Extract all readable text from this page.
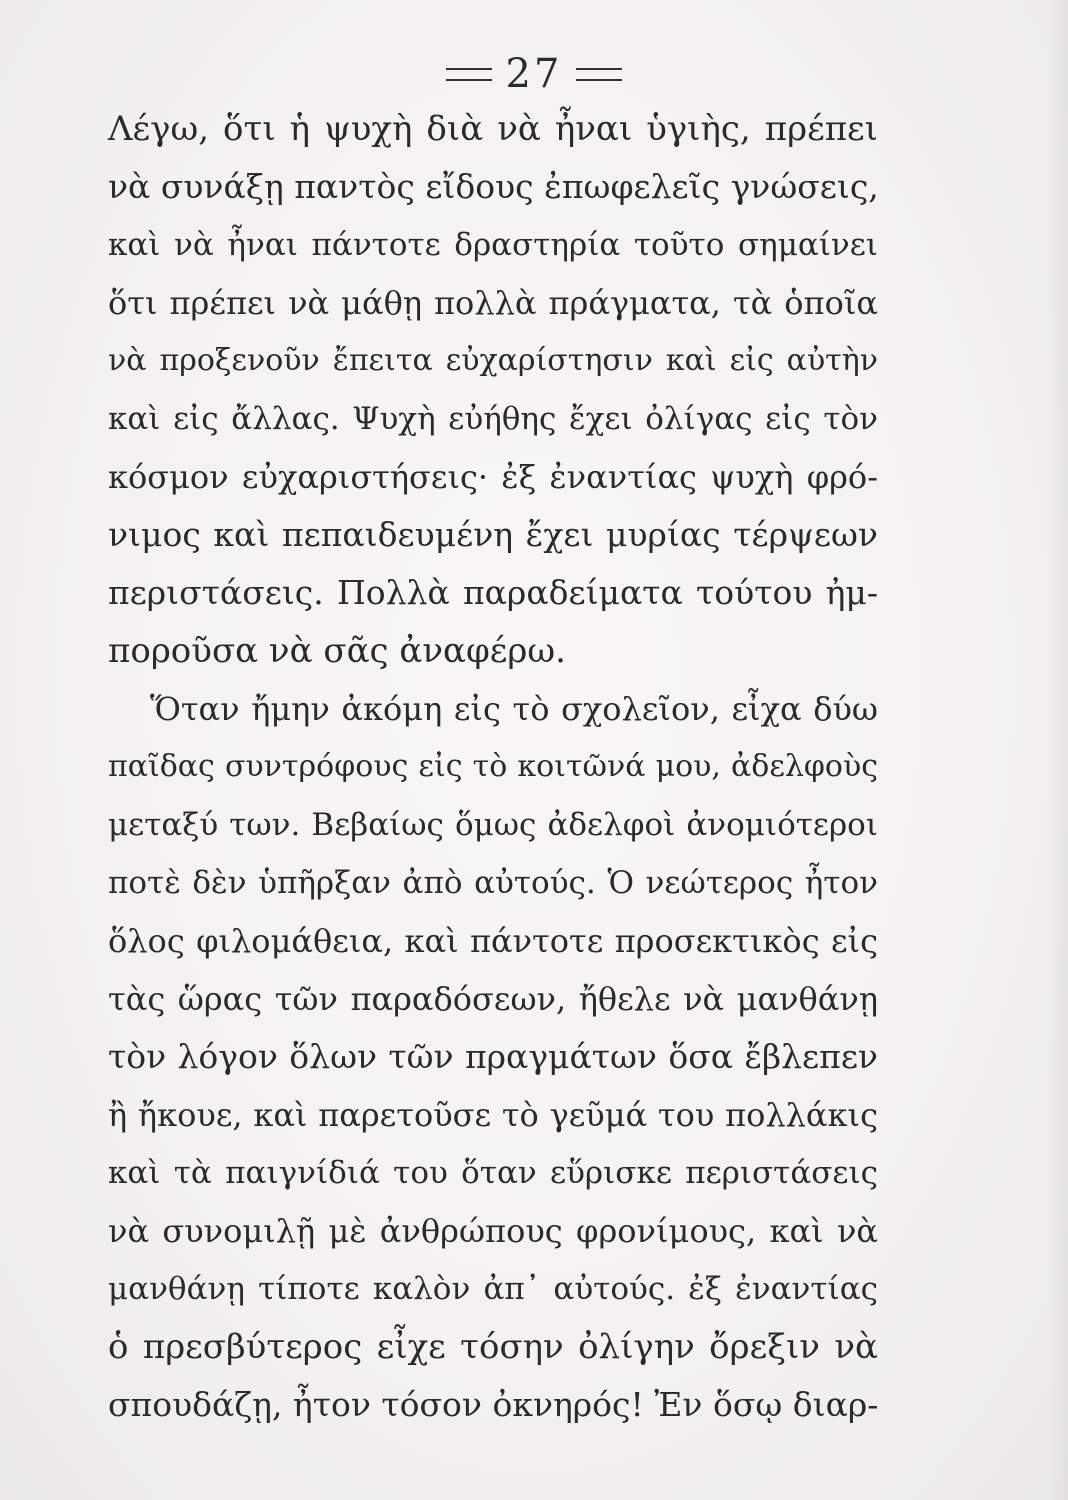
27
Λέγω, ὅτι ἡ ψυχὴ διὰ νὰ ἦναι ὑγιὴς, πρέπει
νὰ συνάξῃ παντὸς εἴδους ἐπωφελεῖς γνώσεις,
καὶ νὰ ἦναι πάντοτε δραστηρία τοῦτο σημαίνει
ὅτι πρέπει νὰ μάθῃ πολλὰ πράγματα, τὰ ὁποῖα
νὰ προξενοῦν ἔπειτα εὐχαρίστησιν καὶ εἰς αὐτὴν
καὶ εἰς ἄλλας. Ψυχὴ εὐήθης ἔχει ὀλίγας εἰς τὸν
κόσμον εὐχαριστήσεις· ἐξ ἐναντίας ψυχὴ φρό-
νιμος καὶ πεπαιδευμένη ἔχει μυρίας τέρψεων
περιστάσεις. Πολλὰ παραδείματα τούτου ἠμ-
ποροῦσα νὰ σᾶς ἀναφέρω.
Ὅταν ἤμην ἀκόμη εἰς τὸ σχολεῖον, εἶχα δύω
παῖδας συντρόφους εἰς τὸ κοιτῶνά μου, ἀδελφοὺς
μεταξύ των. Βεβαίως ὅμως ἀδελφοὶ ἀνομιότεροι
ποτὲ δὲν ὑπῆρξαν ἀπὸ αὐτούς. Ὁ νεώτερος ἦτον
ὅλος φιλομάθεια, καὶ πάντοτε προσεκτικὸς εἰς
τὰς ὥρας τῶν παραδόσεων, ἤθελε νὰ μανθάνῃ
τὸν λόγον ὅλων τῶν πραγμάτων ὅσα ἔβλεπεν
ἢ ἤκουε, καὶ παρετοῦσε τὸ γεῦμά του πολλάκις
καὶ τὰ παιγνίδιά του ὅταν εὕρισκε περιστάσεις
νὰ συνομιλῇ μὲ ἀνθρώπους φρονίμους, καὶ νὰ
μανθάνῃ τίποτε καλὸν ἀπ᾽ αὐτούς. ἐξ ἐναντίας
ὁ πρεσβύτερος εἶχε τόσην ὀλίγην ὄρεξιν νὰ
σπουδάζῃ, ἦτον τόσον ὀκνηρός! Ἐν ὅσῳ διαρ-
